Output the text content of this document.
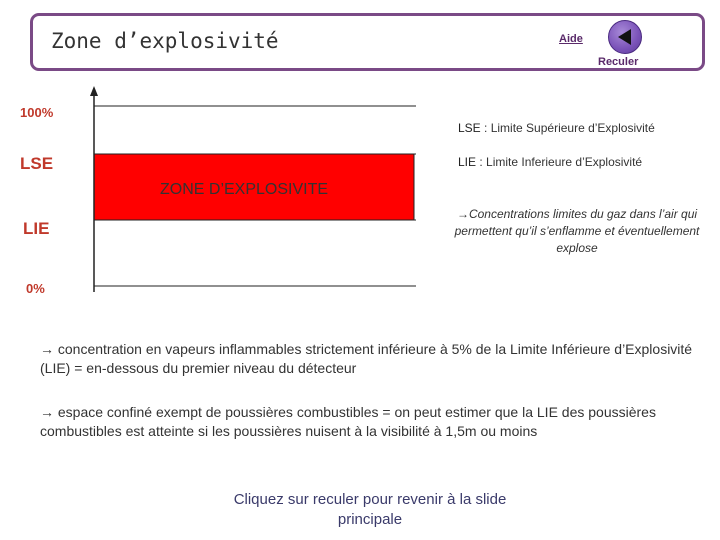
Zone d’explosivité	Aide
Reculer
100%
LSE
LIE
0%
ZONE D’EXPLOSIVITE
LSE : Limite Supérieure d’Explosivité
LIE : Limite Inferieure d’Explosivité
→Concentrations limites du gaz dans l’air qui permettent qu’il s’enflamme et éventuellement explose
→ concentration en vapeurs inflammables strictement inférieure à 5% de la Limite Inférieure d’Explosivité (LIE) = en-dessous du premier niveau du détecteur
→ espace confiné exempt de poussières combustibles = on peut estimer que la LIE des poussières combustibles est atteinte si les poussières nuisent à la visibilité à 1,5m ou moins
Cliquez sur reculer pour revenir à la slide principale
